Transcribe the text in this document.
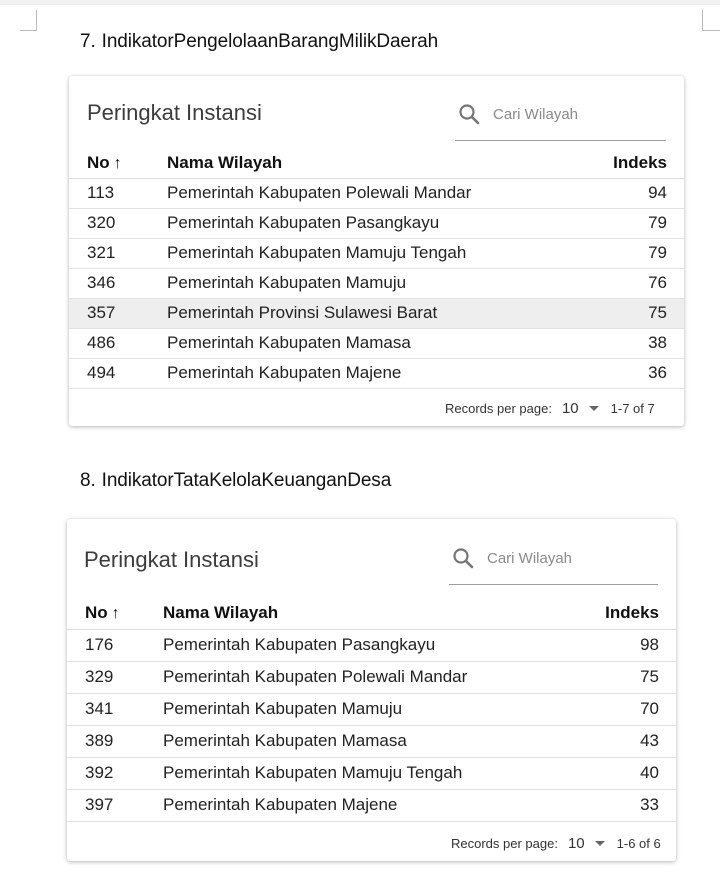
7. IndikatorPengelolaanBarangMilikDaerah
Peringkat Instansi
Cari Wilayah
No ↑	Nama Wilayah	Indeks
113	Pemerintah Kabupaten Polewali Mandar	94
320	Pemerintah Kabupaten Pasangkayu	79
321	Pemerintah Kabupaten Mamuju Tengah	79
346	Pemerintah Kabupaten Mamuju	76
357	Pemerintah Provinsi Sulawesi Barat	75
486	Pemerintah Kabupaten Mamasa	38
494	Pemerintah Kabupaten Majene	36
Records per page: 10 1-7 of 7
8. IndikatorTataKelolaKeuanganDesa
Peringkat Instansi
Cari Wilayah
No ↑	Nama Wilayah	Indeks
176	Pemerintah Kabupaten Pasangkayu	98
329	Pemerintah Kabupaten Polewali Mandar	75
341	Pemerintah Kabupaten Mamuju	70
389	Pemerintah Kabupaten Mamasa	43
392	Pemerintah Kabupaten Mamuju Tengah	40
397	Pemerintah Kabupaten Majene	33
Records per page: 10 1-6 of 6
